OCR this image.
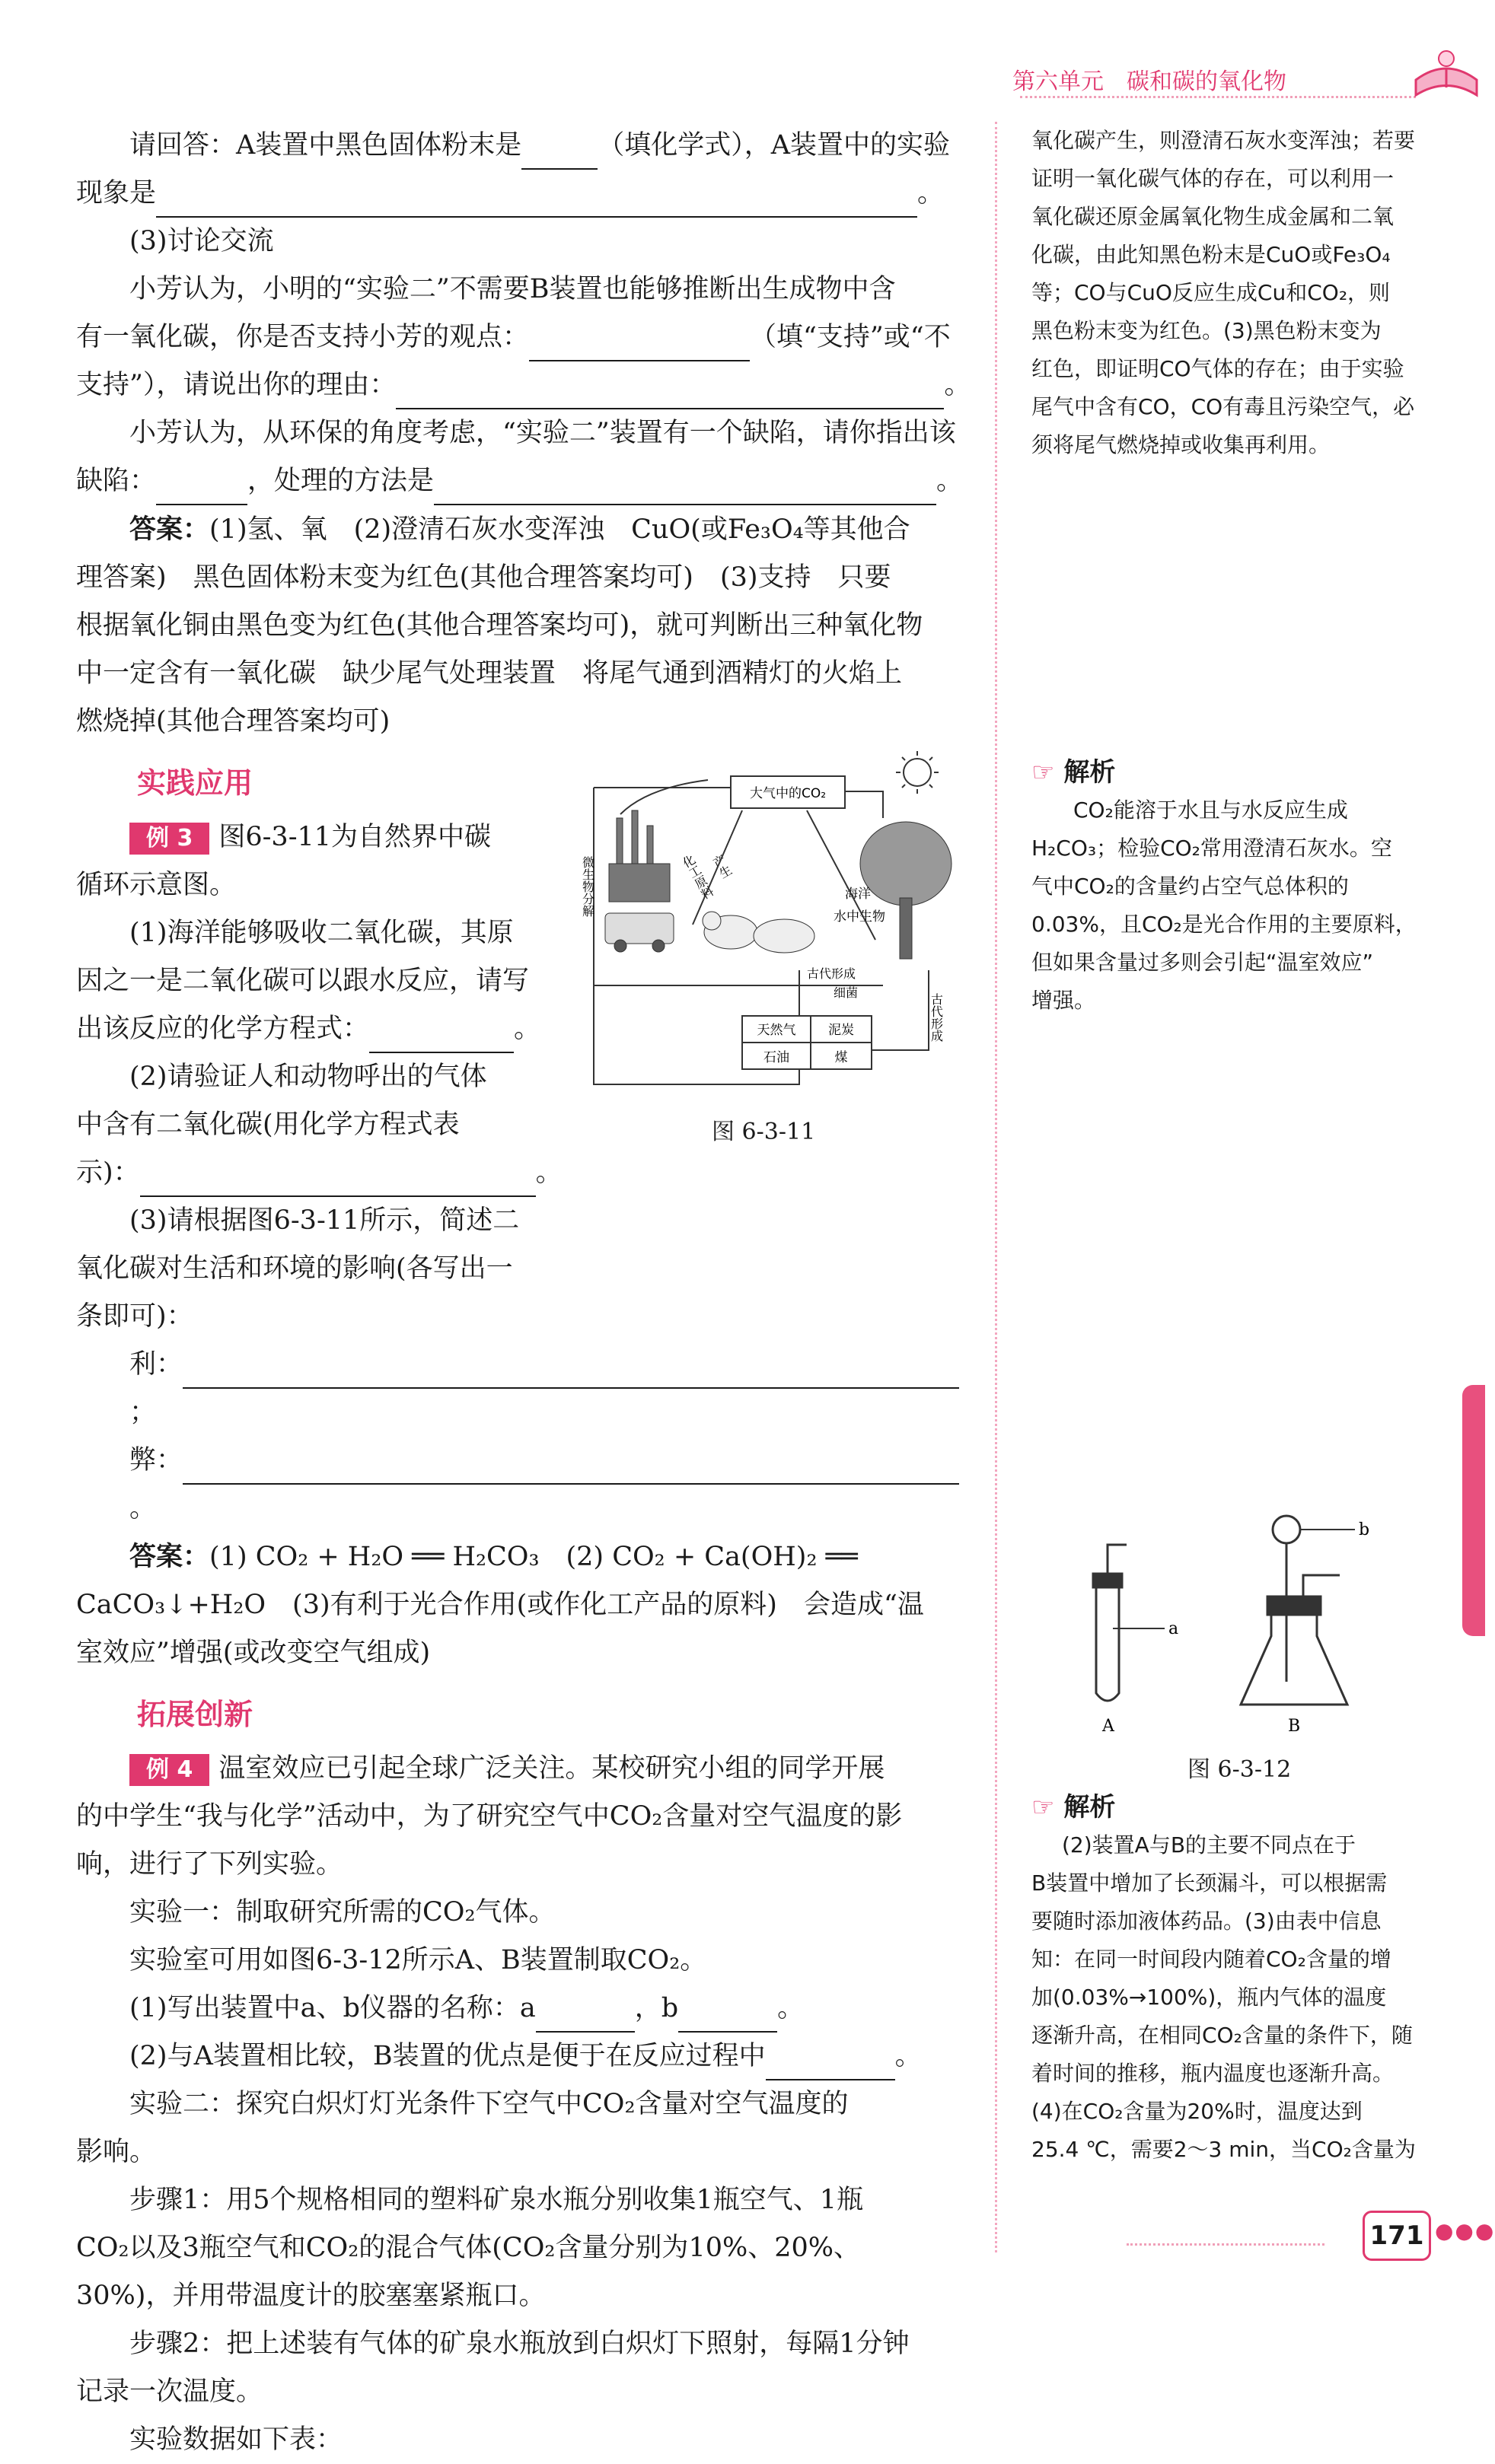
第六单元　 碳和碳的氧化物

请回答：A装置中黑色固体粉末是	（填化学式），A装置中的实验

现象是	。

(3)讨论交流

小芳认为，小明的“实验二”不需要B装置也能够推断出生成物中含

有一氧化碳，你是否支持小芳的观点：	（填“支持”或“不

支持”），请说出你的理由：	。

小芳认为，从环保的角度考虑，“实验二”装置有一个缺陷，请你指出该

缺陷：	，处理的方法是	。

答案：(1)氢、氧　(2)澄清石灰水变浑浊　CuO(或Fe₃O₄等其他合

理答案)　黑色固体粉末变为红色(其他合理答案均可)　(3)支持　只要

根据氧化铜由黑色变为红色(其他合理答案均可)，就可判断出三种氧化物

中一定含有一氧化碳　缺少尾气处理装置　将尾气通到酒精灯的火焰上

燃烧掉(其他合理答案均可)

实践应用

例 3 图6-3-11为自然界中碳

循环示意图。

(1)海洋能够吸收二氧化碳，其原

因之一是二氧化碳可以跟水反应，请写

出该反应的化学方程式：	。

(2)请验证人和动物呼出的气体

中含有二氧化碳(用化学方程式表

示)：	。

(3)请根据图6-3-11所示，简述二

氧化碳对生活和环境的影响(各写出一

条即可)：

利：；

弊：。

答案：(1) CO₂ + H₂O ══ H₂CO₃　(2) CO₂ + Ca(OH)₂ ══

CaCO₃↓+H₂O　(3)有利于光合作用(或作化工产品的原料)　会造成“温

室效应”增强(或改变空气组成)

拓展创新

例 4 温室效应已引起全球广泛关注。某校研究小组的同学开展

的中学生“我与化学”活动中，为了研究空气中CO₂含量对空气温度的影

响，进行了下列实验。

实验一：制取研究所需的CO₂气体。

实验室可用如图6-3-12所示A、B装置制取CO₂。

(1)写出装置中a、b仪器的名称：a	，b	。

(2)与A装置相比较，B装置的优点是便于在反应过程中	。

实验二：探究白炽灯灯光条件下空气中CO₂含量对空气温度的

影响。

步骤1：用5个规格相同的塑料矿泉水瓶分别收集1瓶空气、1瓶

CO₂以及3瓶空气和CO₂的混合气体(CO₂含量分别为10%、20%、

30%)，并用带温度计的胶塞塞紧瓶口。

步骤2：把上述装有气体的矿泉水瓶放到白炽灯下照射，每隔1分钟

记录一次温度。

实验数据如下表：

大气中的CO₂
微生物分解	化工原料
产生
海洋
水中生物
古代形成
古代形成
细菌
天然气	泥炭
石油	煤
图 6-3-11
a
A
b
B
图 6-3-12

氧化碳产生，则澄清石灰水变浑浊；若要

证明一氧化碳气体的存在，可以利用一

氧化碳还原金属氧化物生成金属和二氧

化碳，由此知黑色粉末是CuO或Fe₃O₄

等；CO与CuO反应生成Cu和CO₂，则

黑色粉末变为红色。(3)黑色粉末变为

红色，即证明CO气体的存在；由于实验

尾气中含有CO，CO有毒且污染空气，必

须将尾气燃烧掉或收集再利用。

☞ 解析

CO₂能溶于水且与水反应生成

H₂CO₃；检验CO₂常用澄清石灰水。空

气中CO₂的含量约占空气总体积的

0.03%，且CO₂是光合作用的主要原料，

但如果含量过多则会引起“温室效应”

增强。

☞ 解析

(2)装置A与B的主要不同点在于

B装置中增加了长颈漏斗，可以根据需

要随时添加液体药品。(3)由表中信息

知：在同一时间段内随着CO₂含量的增

加(0.03%→100%)，瓶内气体的温度

逐渐升高，在相同CO₂含量的条件下，随

着时间的推移，瓶内温度也逐渐升高。

(4)在CO₂含量为20%时，温度达到

25.4 ℃，需要2～3 min，当CO₂含量为

171 ●●●
